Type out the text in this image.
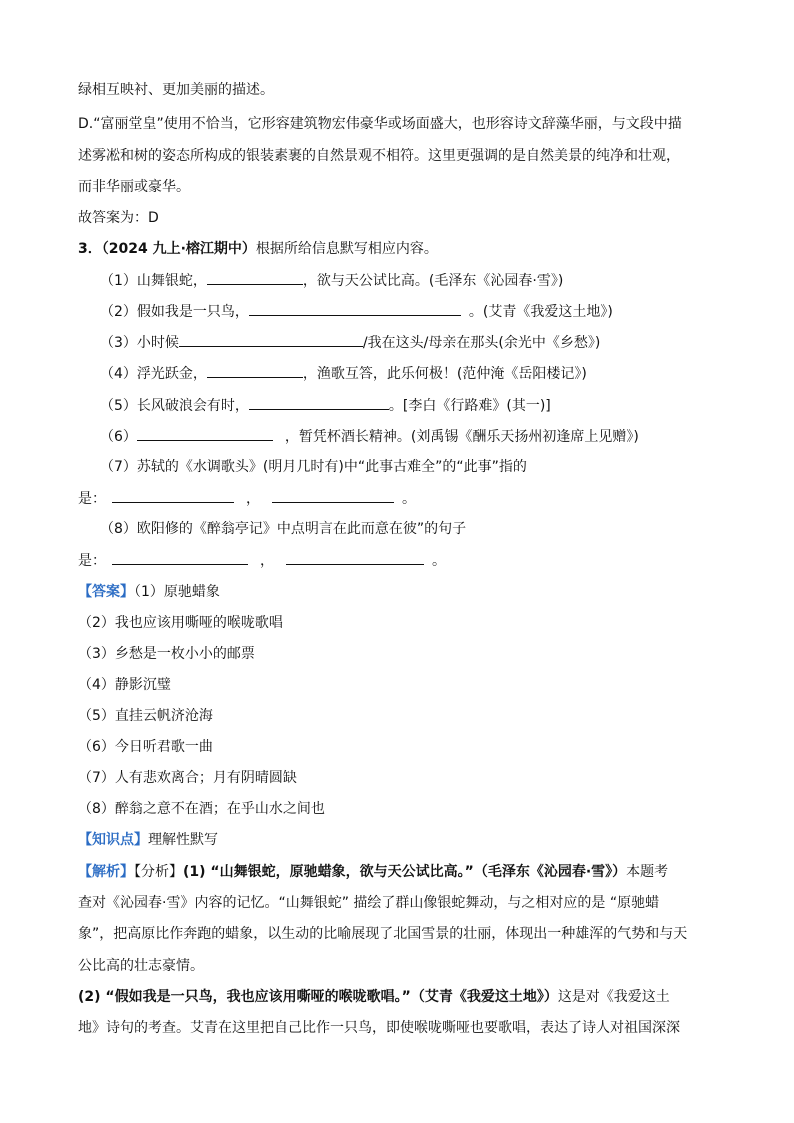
绿相互映衬、更加美丽的描述。
D.“富丽堂皇”使用不恰当，它形容建筑物宏伟豪华或场面盛大，也形容诗文辞藻华丽，与文段中描
述雾凇和树的姿态所构成的银装素裹的自然景观不相符。这里更强调的是自然美景的纯净和壮观，
而非华丽或豪华。
故答案为：D
3．（2024 九上·榕江期中）根据所给信息默写相应内容。
（1）山舞银蛇，	，欲与天公试比高。(毛泽东《沁园春·雪》)
（2）假如我是一只鸟，	。(艾青《我爱这土地》)
（3）小时候	/我在这头/母亲在那头(余光中《乡愁》)
（4）浮光跃金，	，渔歌互答，此乐何极！(范仲淹《岳阳楼记》)
（5）长风破浪会有时，	。[李白《行路难》(其一)]
（6）	，暂凭杯酒长精神。(刘禹锡《酬乐天扬州初逢席上见赠》)
（7）苏轼的《水调歌头》(明月几时有)中“此事古难全”的“此事”指的
是：	，	。
（8）欧阳修的《醉翁亭记》中点明言在此而意在彼”的句子
是：	，	。
【答案】（1）原驰蜡象
（2）我也应该用嘶哑的喉咙歌唱
（3）乡愁是一枚小小的邮票
（4）静影沉璧
（5）直挂云帆济沧海
（6）今日听君歌一曲
（7）人有悲欢离合；月有阴晴圆缺
（8）醉翁之意不在酒；在乎山水之间也
【知识点】理解性默写
【解析】【分析】(1) “山舞银蛇，原驰蜡象，欲与天公试比高。”（毛泽东《沁园春·雪》）本题考
查对《沁园春·雪》内容的记忆。“山舞银蛇” 描绘了群山像银蛇舞动，与之相对应的是 “原驰蜡
象”，把高原比作奔跑的蜡象，以生动的比喻展现了北国雪景的壮丽，体现出一种雄浑的气势和与天
公比高的壮志豪情。
(2) “假如我是一只鸟，我也应该用嘶哑的喉咙歌唱。”（艾青《我爱这土地》）这是对《我爱这土
地》诗句的考查。艾青在这里把自己比作一只鸟，即使喉咙嘶哑也要歌唱，表达了诗人对祖国深深
